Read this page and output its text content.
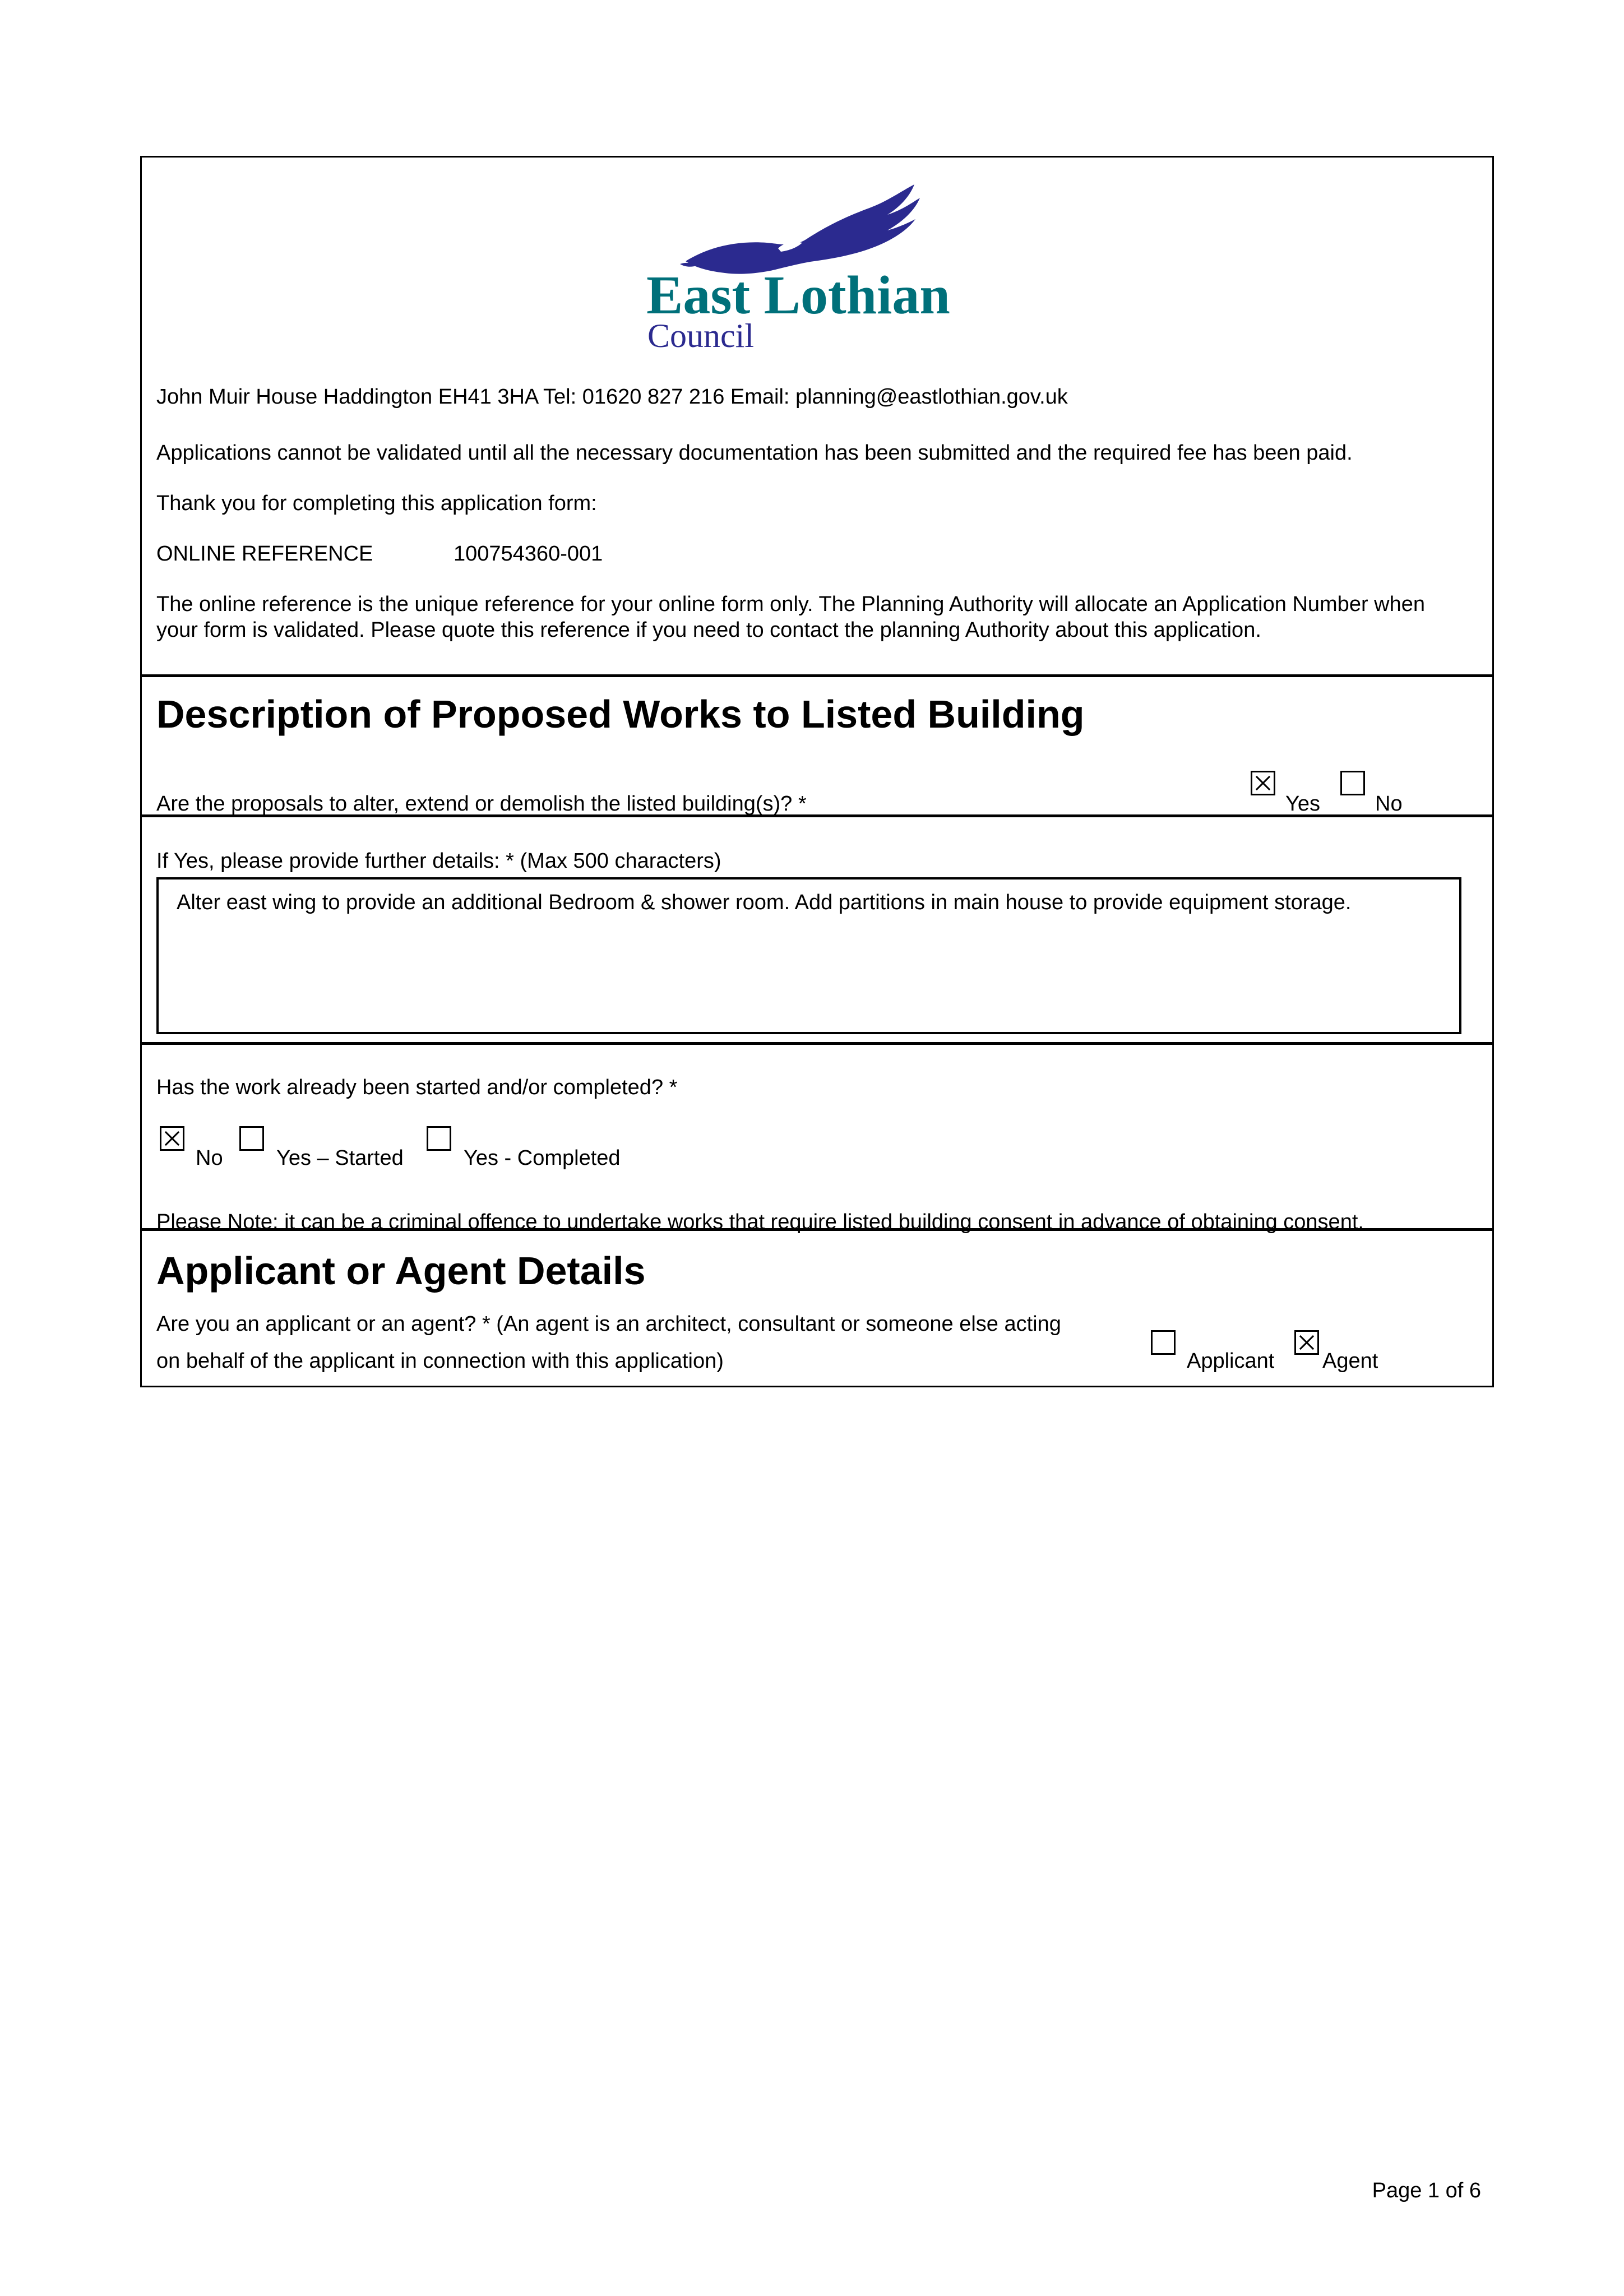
East Lothian
Council
John Muir House Haddington EH41 3HA Tel: 01620 827 216 Email: planning@eastlothian.gov.uk
Applications cannot be validated until all the necessary documentation has been submitted and the required fee has been paid.
Thank you for completing this application form:
ONLINE REFERENCE	100754360-001
The online reference is the unique reference for your online form only. The Planning Authority will allocate an Application Number when your form is validated. Please quote this reference if you need to contact the planning Authority about this application.
Description of Proposed Works to Listed Building
Are the proposals to alter, extend or demolish the listed building(s)? *	Yes	No
If Yes, please provide further details: * (Max 500 characters)
Alter east wing to provide an additional Bedroom & shower room. Add partitions in main house to provide equipment storage.
Has the work already been started and/or completed? *
No	Yes – Started	Yes - Completed
Please Note: it can be a criminal offence to undertake works that require listed building consent in advance of obtaining consent.
Applicant or Agent Details
Are you an applicant or an agent? * (An agent is an architect, consultant or someone else acting
on behalf of the applicant in connection with this application)	Applicant Agent
Page 1 of 6
